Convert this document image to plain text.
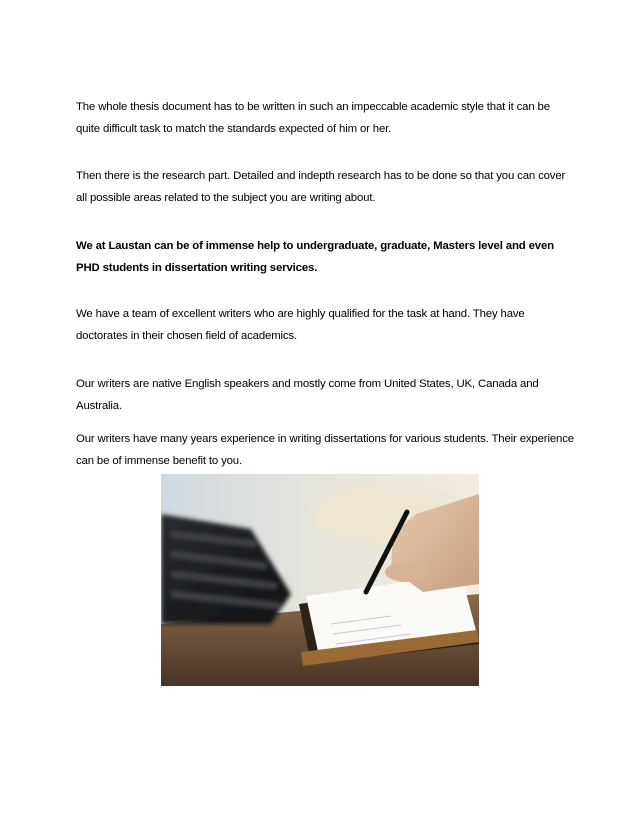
The whole thesis document has to be written in such an impeccable academic style that it can be quite difficult task to match the standards expected of him or her.

Then there is the research part. Detailed and indepth research has to be done so that you can cover all possible areas related to the subject you are writing about.

We at Laustan can be of immense help to undergraduate, graduate, Masters level and even PHD students in dissertation writing services.

We have a team of excellent writers who are highly qualified for the task at hand. They have doctorates in their chosen field of academics.

Our writers are native English speakers and mostly come from United States, UK, Canada and Australia.

Our writers have many years experience in writing dissertations for various students. Their experience can be of immense benefit to you.
